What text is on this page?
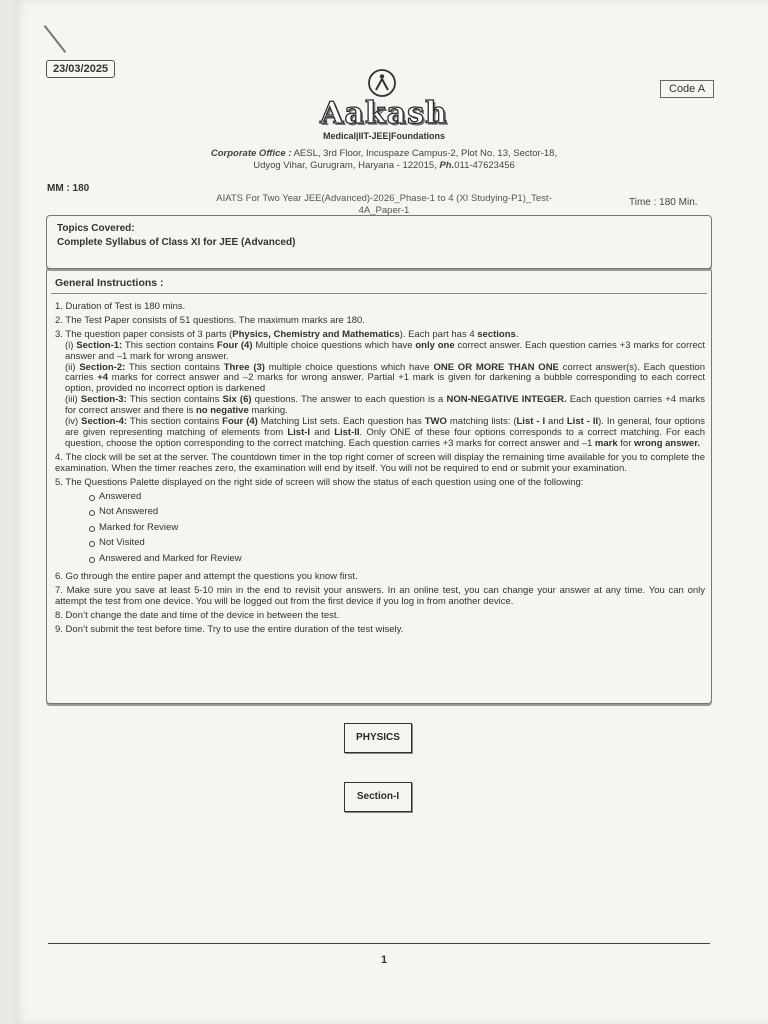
23/03/2025
Code A
Aakash
Medical|IIT-JEE|Foundations
Corporate Office : AESL, 3rd Floor, Incuspaze Campus-2, Plot No. 13, Sector-18,
Udyog Vihar, Gurugram, Haryana - 122015, Ph.011-47623456
MM : 180
AIATS For Two Year JEE(Advanced)-2026_Phase-1 to 4 (XI Studying-P1)_Test-
4A_Paper-1
Time : 180 Min.
Topics Covered:
Complete Syllabus of Class XI for JEE (Advanced)
General Instructions :

1. Duration of Test is 180 mins.

2. The Test Paper consists of 51 questions. The maximum marks are 180.

3. The question paper consists of 3 parts (Physics, Chemistry and Mathematics). Each part has 4 sections.

(i) Section-1: This section contains Four (4) Multiple choice questions which have only one correct answer. Each question carries +3 marks for correct answer and –1 mark for wrong answer.

(ii) Section-2: This section contains Three (3) multiple choice questions which have ONE OR MORE THAN ONE correct answer(s). Each question carries +4 marks for correct answer and –2 marks for wrong answer. Partial +1 mark is given for darkening a bubble corresponding to each correct option, provided no incorrect option is darkened

(iii) Section-3: This section contains Six (6) questions. The answer to each question is a NON-NEGATIVE INTEGER. Each question carries +4 marks for correct answer and there is no negative marking.

(iv) Section-4: This section contains Four (4) Matching List sets. Each question has TWO matching lists: (List - I and List - II). In general, four options are given representing matching of elements from List-I and List-II. Only ONE of these four options corresponds to a correct matching. For each question, choose the option corresponding to the correct matching. Each question carries +3 marks for correct answer and –1 mark for wrong answer.

4. The clock will be set at the server. The countdown timer in the top right corner of screen will display the remaining time available for you to complete the examination. When the timer reaches zero, the examination will end by itself. You will not be required to end or submit your examination.

5. The Questions Palette displayed on the right side of screen will show the status of each question using one of the following:

Answered
Not Answered
Marked for Review
Not Visited
Answered and Marked for Review

6. Go through the entire paper and attempt the questions you know first.

7. Make sure you save at least 5-10 min in the end to revisit your answers. In an online test, you can change your answer at any time. You can only attempt the test from one device. You will be logged out from the first device if you log in from another device.

8. Don’t change the date and time of the device in between the test.

9. Don’t submit the test before time. Try to use the entire duration of the test wisely.

PHYSICS
Section-I
1
